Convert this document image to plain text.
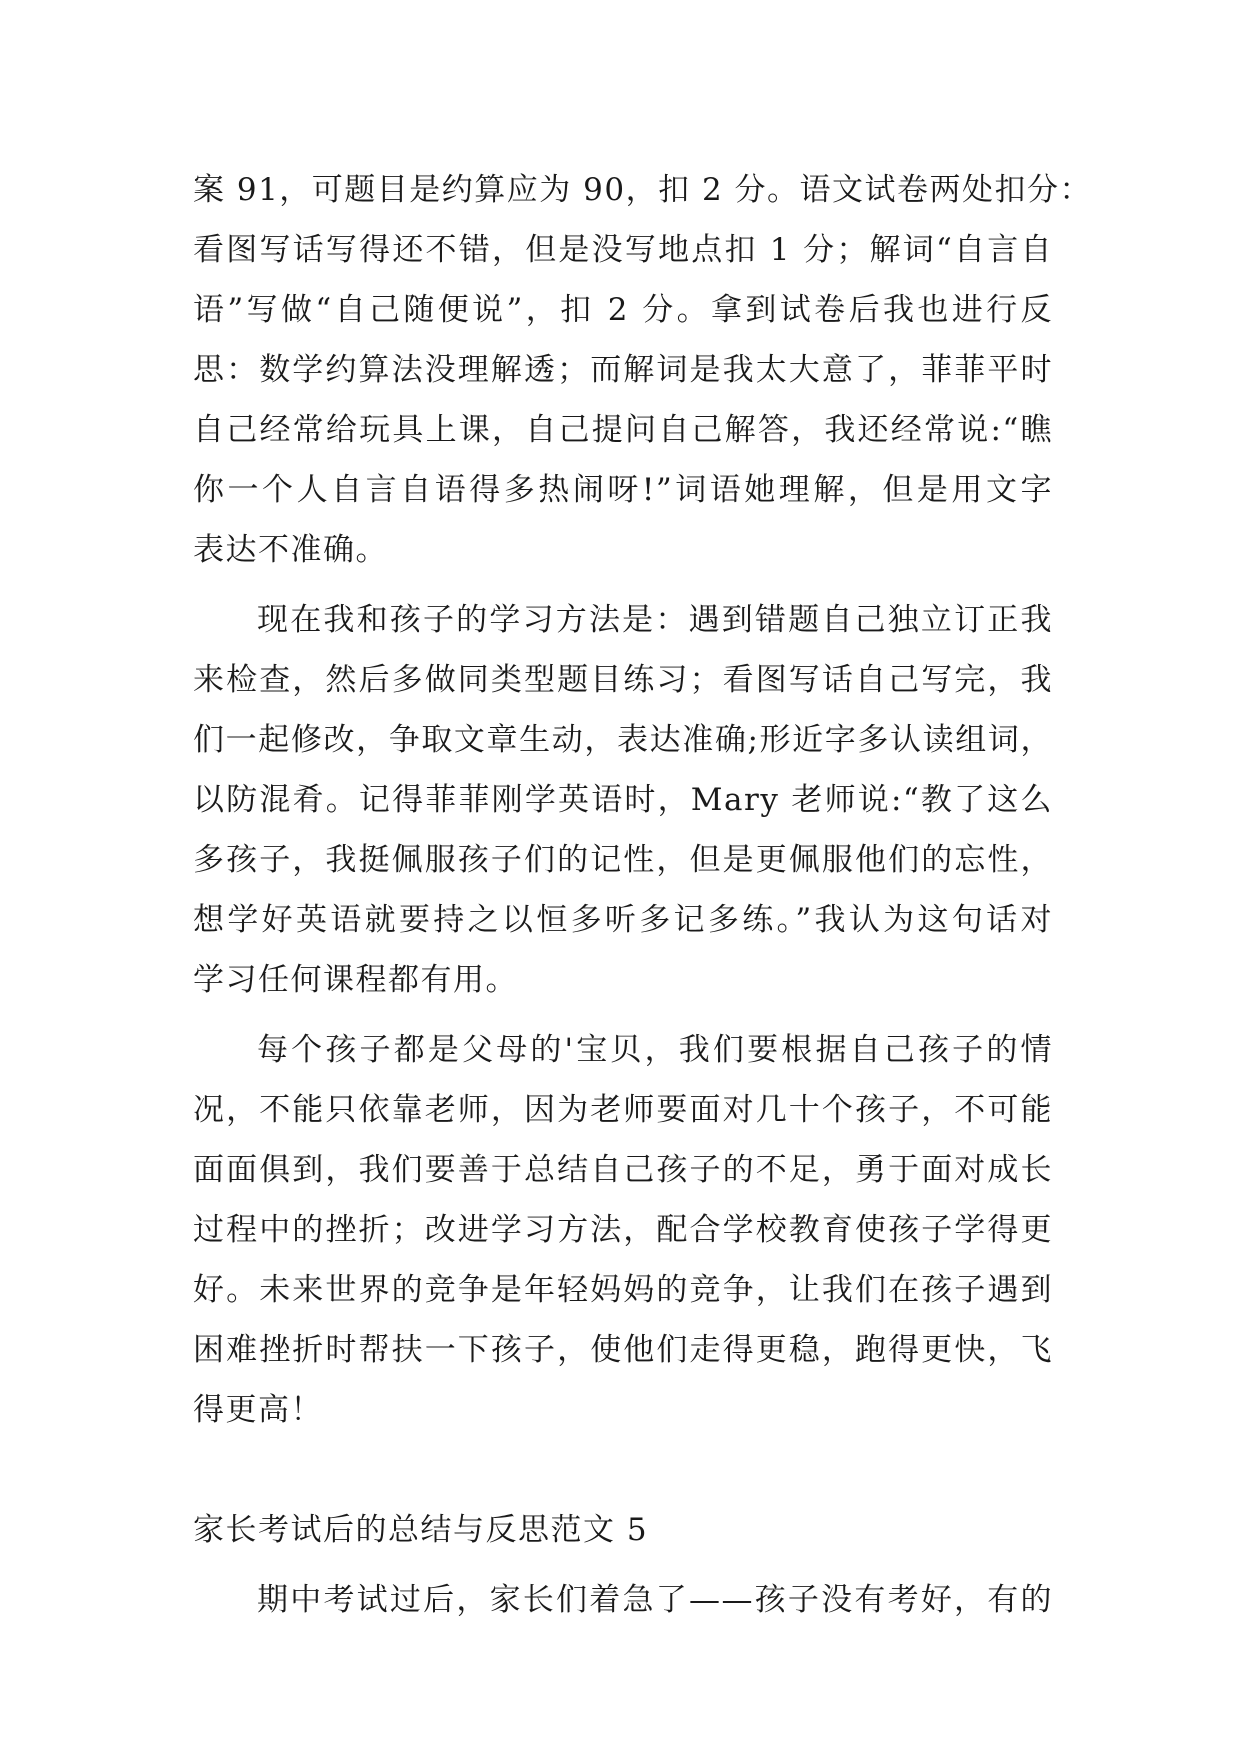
案 91，可题目是约算应为 90，扣 2 分。语文试卷两处扣分：
看图写话写得还不错，但是没写地点扣 1 分；解词“自言自
语”写做“自己随便说”，扣 2 分。拿到试卷后我也进行反
思：数学约算法没理解透；而解词是我太大意了，菲菲平时
自己经常给玩具上课，自己提问自己解答，我还经常说:“瞧
你一个人自言自语得多热闹呀!”词语她理解，但是用文字
表达不准确。
现在我和孩子的学习方法是：遇到错题自己独立订正我
来检查，然后多做同类型题目练习；看图写话自己写完，我
们一起修改，争取文章生动，表达准确;形近字多认读组词，
以防混肴。记得菲菲刚学英语时，Mary 老师说:“教了这么
多孩子，我挺佩服孩子们的记性，但是更佩服他们的忘性，
想学好英语就要持之以恒多听多记多练。”我认为这句话对
学习任何课程都有用。
每个孩子都是父母的'宝贝，我们要根据自己孩子的情
况，不能只依靠老师，因为老师要面对几十个孩子，不可能
面面俱到，我们要善于总结自己孩子的不足，勇于面对成长
过程中的挫折；改进学习方法，配合学校教育使孩子学得更
好。未来世界的竞争是年轻妈妈的竞争，让我们在孩子遇到
困难挫折时帮扶一下孩子，使他们走得更稳，跑得更快，飞
得更高！
家长考试后的总结与反思范文 5
期中考试过后，家长们着急了——孩子没有考好，有的
